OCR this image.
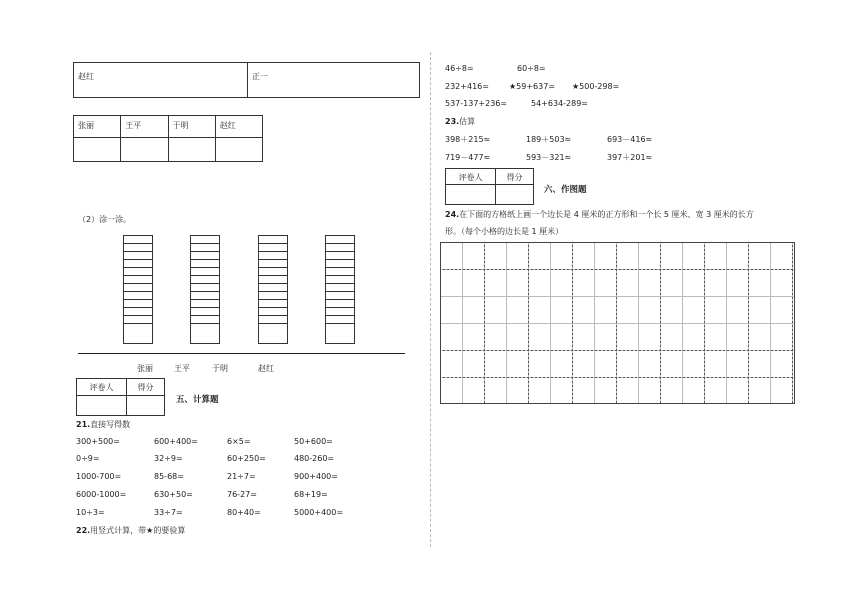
赵红	正一
张丽	王平	于明	赵红

（2）涂一涂。
张丽	王平	于明	赵红
评卷人	得分

五、计算题
21.直接写得数
300+500=	600+400=	6×5=	50+600=
0÷9=	32÷9=	60+250=	480-260=
1000-700=	85-68=	21÷7=	900+400=
6000-1000=	630+50=	76-27=	68+19=
10÷3=	33÷7=	80+40=	5000+400=
22.用竖式计算，带★的要验算
46÷8=	60÷8=
232+416=	★59+637= ★500-298=
537-137+236=	54+634-289=
23.估算
398＋215≈	189＋503≈	693－416≈
719－477≈	593－321≈	397＋201≈
评卷人	得分

六、作图题
24.在下面的方格纸上画一个边长是 4 厘米的正方形和一个长 5 厘米、宽 3 厘米的长方
形。（每个小格的边长是 1 厘米）
